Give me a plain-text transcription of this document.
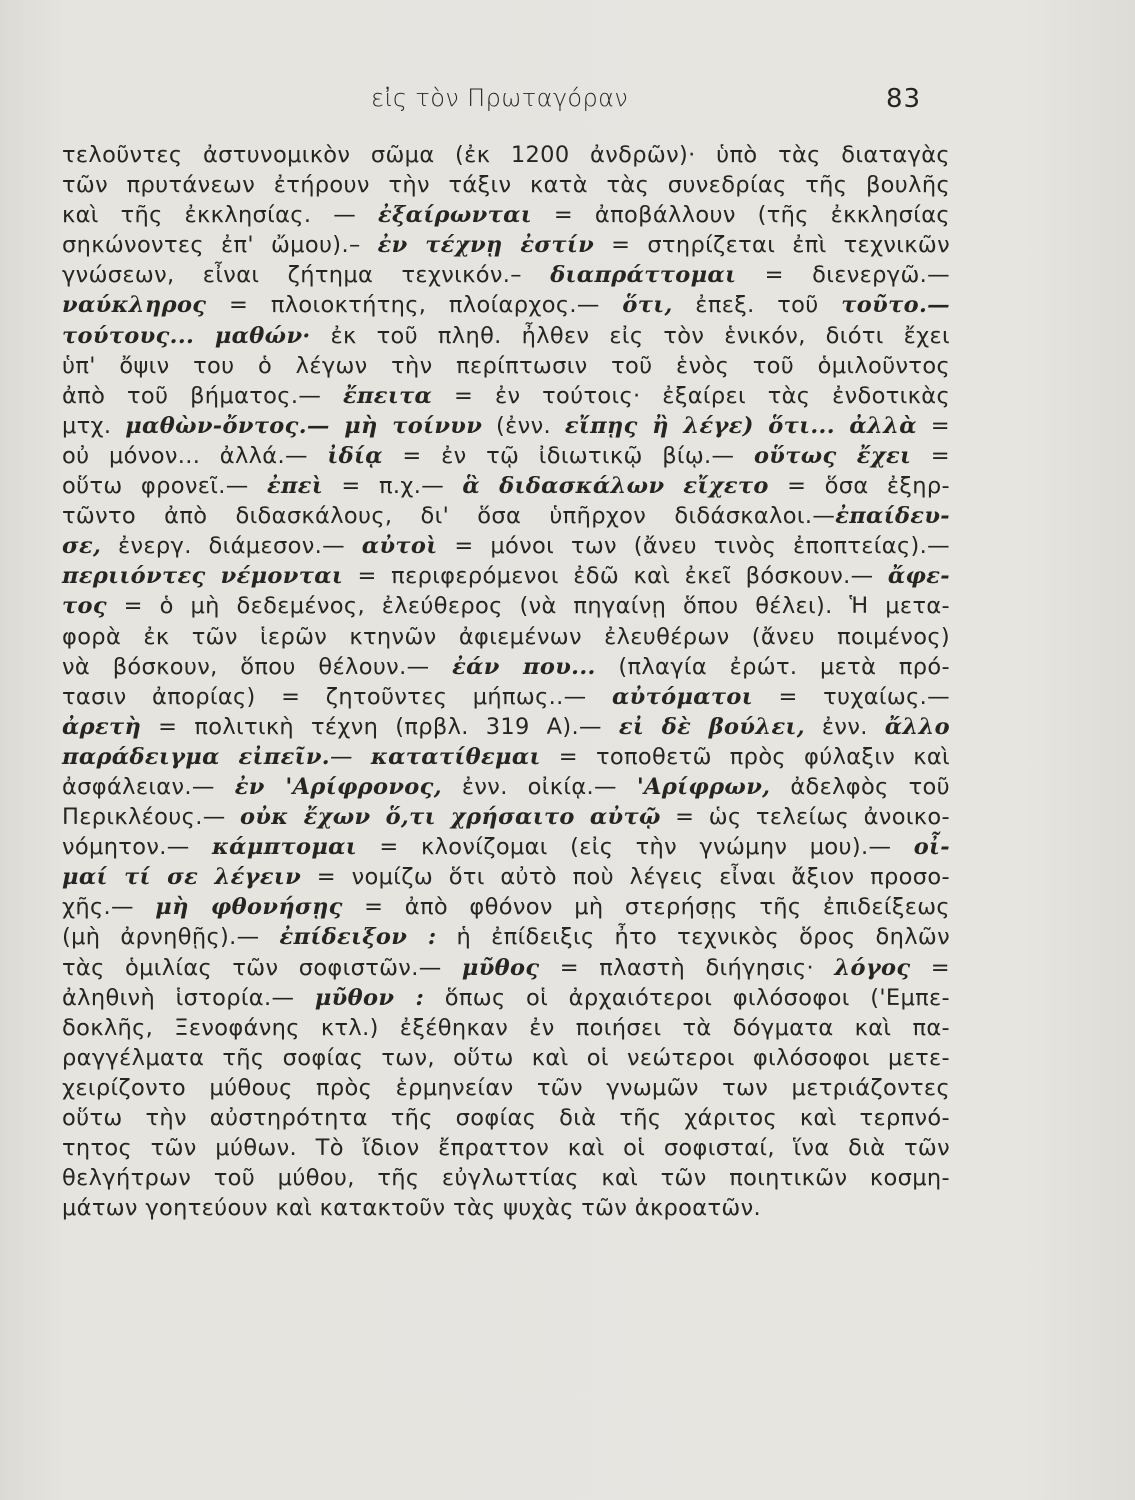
εἰς τὸν Πρωταγόραν	83
τελοῦντες ἀστυνομικὸν σῶμα (ἐκ 1200 ἀνδρῶν)· ὑπὸ τὰς διαταγὰς
τῶν πρυτάνεων ἐτήρουν τὴν τάξιν κατὰ τὰς συνεδρίας τῆς βουλῆς
καὶ τῆς ἐκκλησίας. — ἐξαίρωνται = ἀποβάλλουν (τῆς ἐκκλησίας
σηκώνοντες ἐπ' ὤμου).– ἐν τέχνῃ ἐστίν = στηρίζεται ἐπὶ τεχνικῶν
γνώσεων, εἶναι ζήτημα τεχνικόν.– διαπράττομαι = διενεργῶ.—
ναύκληρος = πλοιοκτήτης, πλοίαρχος.— ὅτι, ἐπεξ. τοῦ τοῦτο.—
τούτους... μαθών· ἐκ τοῦ πληθ. ἦλθεν εἰς τὸν ἑνικόν, διότι ἔχει
ὑπ' ὄψιν του ὁ λέγων τὴν περίπτωσιν τοῦ ἑνὸς τοῦ ὁμιλοῦντος
ἀπὸ τοῦ βήματος.— ἔπειτα = ἐν τούτοις· ἐξαίρει τὰς ἐνδοτικὰς
μτχ. μαθὼν-ὄντος.— μὴ τοίνυν (ἐνν. εἴπῃς ἢ λέγε) ὅτι... ἀλλὰ =
οὐ μόνον... ἀλλά.— ἰδίᾳ = ἐν τῷ ἰδιωτικῷ βίῳ.— οὕτως ἔχει =
οὕτω φρονεῖ.— ἐπεὶ = π.χ.— ἃ διδασκάλων εἴχετο = ὅσα ἐξηρ-
τῶντο ἀπὸ διδασκάλους, δι' ὅσα ὑπῆρχον διδάσκαλοι.—ἐπαίδευ-
σε, ἐνεργ. διάμεσον.— αὐτοὶ = μόνοι των (ἄνευ τινὸς ἐποπτείας).—
περιιόντες νέμονται = περιφερόμενοι ἐδῶ καὶ ἐκεῖ βόσκουν.— ἄφε-
τος = ὁ μὴ δεδεμένος, ἐλεύθερος (νὰ πηγαίνῃ ὅπου θέλει). Ἡ μετα-
φορὰ ἐκ τῶν ἱερῶν κτηνῶν ἀφιεμένων ἐλευθέρων (ἄνευ ποιμένος)
νὰ βόσκουν, ὅπου θέλουν.— ἐάν που... (πλαγία ἐρώτ. μετὰ πρό-
τασιν ἀπορίας) = ζητοῦντες μήπως..— αὐτόματοι = τυχαίως.—
ἀρετὴ = πολιτικὴ τέχνη (πρβλ. 319 Α).— εἰ δὲ βούλει, ἐνν. ἄλλο
παράδειγμα εἰπεῖν.— κατατίθεμαι = τοποθετῶ πρὸς φύλαξιν καὶ
ἀσφάλειαν.— ἐν 'Αρίφρονος, ἐνν. οἰκίᾳ.— 'Αρίφρων, ἀδελφὸς τοῦ
Περικλέους.— οὐκ ἔχων ὅ,τι χρήσαιτο αὐτῷ = ὡς τελείως ἀνοικο-
νόμητον.— κάμπτομαι = κλονίζομαι (εἰς τὴν γνώμην μου).— οἶ-
μαί τί σε λέγειν = νομίζω ὅτι αὐτὸ ποὺ λέγεις εἶναι ἄξιον προσο-
χῆς.— μὴ φθονήσῃς = ἀπὸ φθόνον μὴ στερήσῃς τῆς ἐπιδείξεως
(μὴ ἀρνηθῇς).— ἐπίδειξον : ἡ ἐπίδειξις ἦτο τεχνικὸς ὅρος δηλῶν
τὰς ὁμιλίας τῶν σοφιστῶν.— μῦθος = πλαστὴ διήγησις· λόγος =
ἀληθινὴ ἱστορία.— μῦθον : ὅπως οἱ ἀρχαιότεροι φιλόσοφοι ('Εμπε-
δοκλῆς, Ξενοφάνης κτλ.) ἐξέθηκαν ἐν ποιήσει τὰ δόγματα καὶ πα-
ραγγέλματα τῆς σοφίας των, οὕτω καὶ οἱ νεώτεροι φιλόσοφοι μετε-
χειρίζοντο μύθους πρὸς ἑρμηνείαν τῶν γνωμῶν των μετριάζοντες
οὕτω τὴν αὐστηρότητα τῆς σοφίας διὰ τῆς χάριτος καὶ τερπνό-
τητος τῶν μύθων. Τὸ ἴδιον ἔπραττον καὶ οἱ σοφισταί, ἵνα διὰ τῶν
θελγήτρων τοῦ μύθου, τῆς εὐγλωττίας καὶ τῶν ποιητικῶν κοσμη-
μάτων γοητεύουν καὶ κατακτοῦν τὰς ψυχὰς τῶν ἀκροατῶν.
